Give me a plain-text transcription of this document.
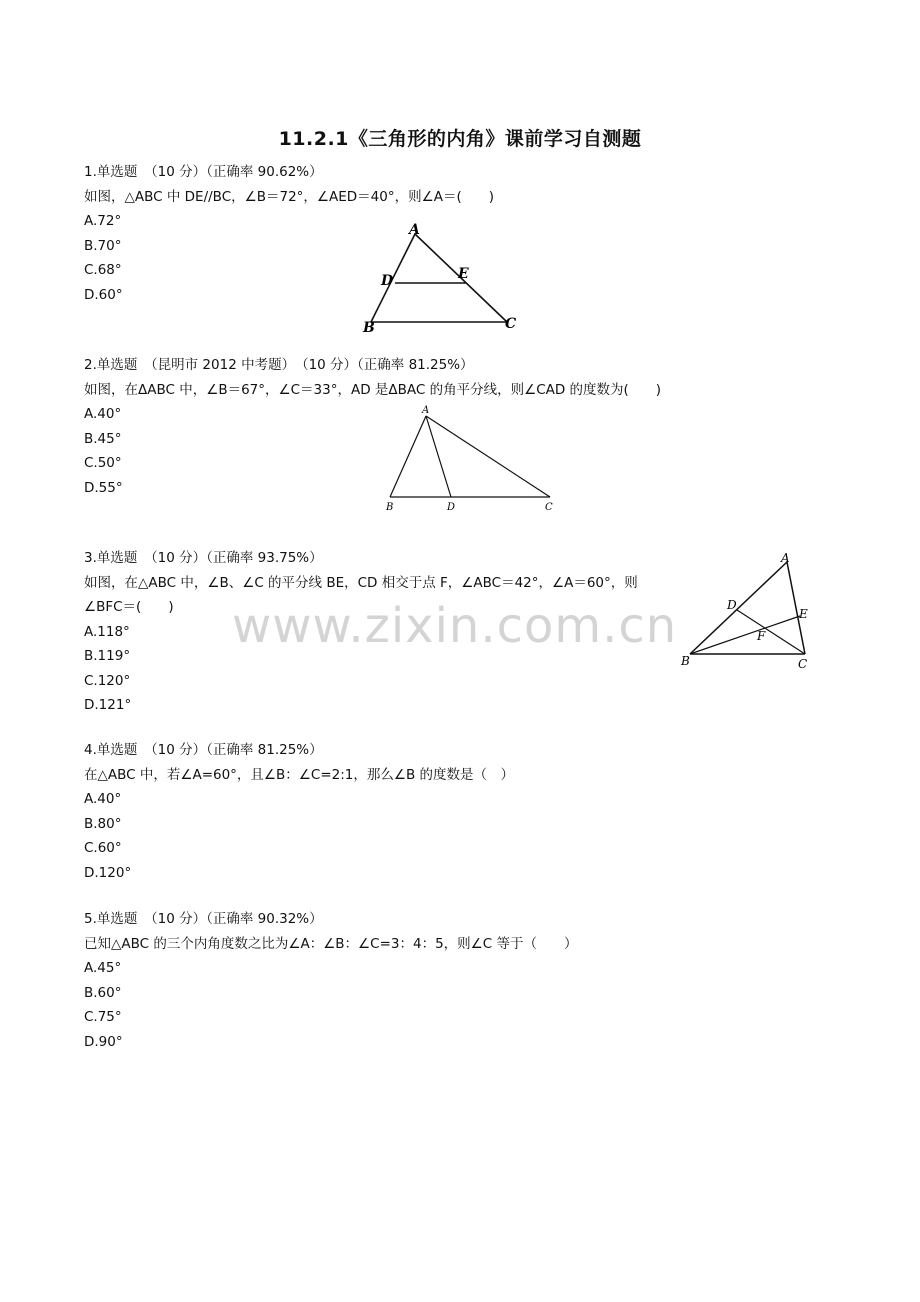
11.2.1《三角形的内角》课前学习自测题
1.单选题　（10 分）（正确率 90.62%）
如图，△ABC 中 DE//BC，∠B＝72°，∠AED＝40°，则∠A＝(　　)
A.72°
B.70°
C.68°
D.60°
A
D	E
B	C
2.单选题　（昆明市 2012 中考题）　（10 分）（正确率 81.25%）
如图，在ΔABC 中，∠B＝67°，∠C＝33°，AD 是ΔBAC 的角平分线，则∠CAD 的度数为(　　)
A.40°
B.45°
C.50°
D.55°
A
B	D	C
3.单选题　（10 分）（正确率 93.75%）
如图，在△ABC 中，∠B、∠C 的平分线 BE，CD 相交于点 F，∠ABC＝42°，∠A＝60°，则∠BFC＝(　　)
A.118°
B.119°
C.120°
D.121°
A
D
E
F
B	C
4.单选题　（10 分）（正确率 81.25%）
在△ABC 中，若∠A=60°，且∠B：∠C=2:1，那么∠B 的度数是（　）
A.40°
B.80°
C.60°
D.120°
5.单选题　（10 分）（正确率 90.32%）
已知△ABC 的三个内角度数之比为∠A：∠B：∠C=3：4：5，则∠C 等于（　　）
A.45°
B.60°
C.75°
D.90°
www.zixin.com.cn
